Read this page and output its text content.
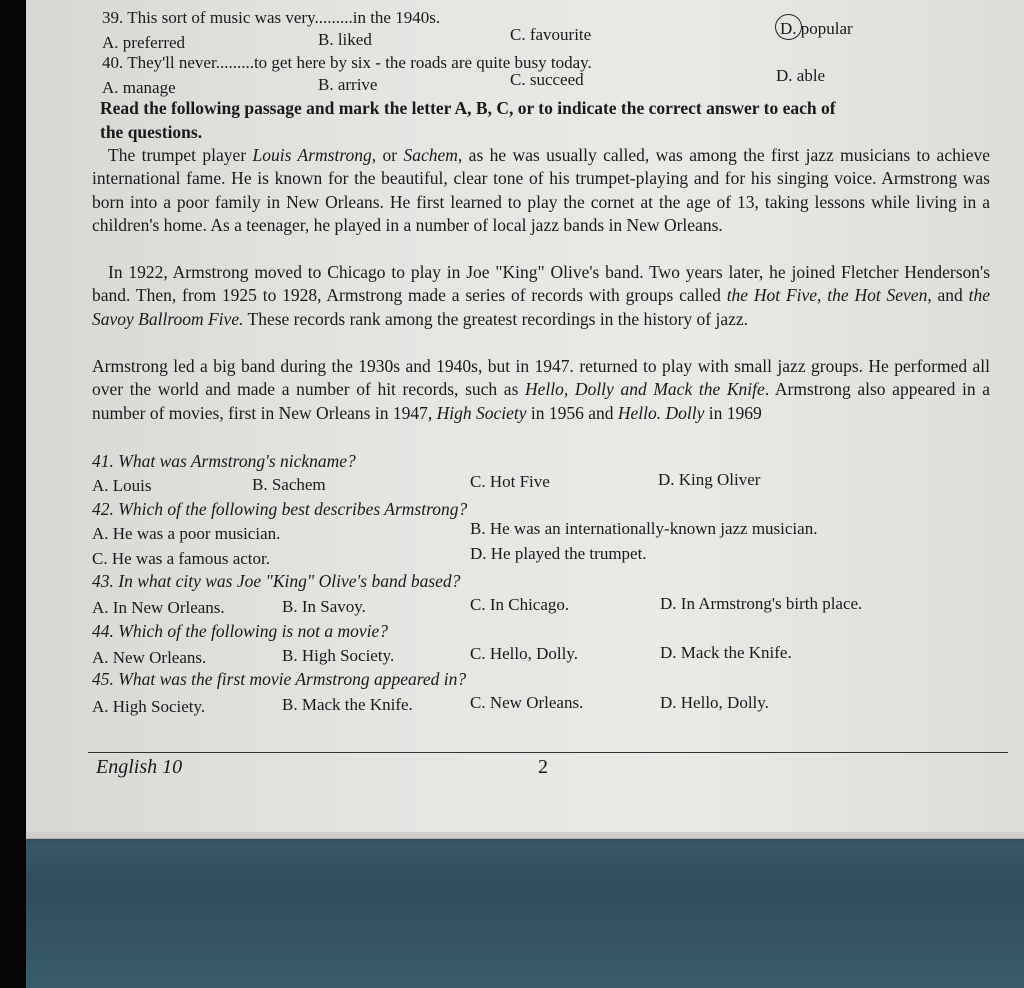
39. This sort of music was very.........in the 1940s.
A. preferred	B. liked	C. favourite	D. popular
40. They'll never.........to get here by six - the roads are quite busy today.
A. manage	B. arrive	C. succeed	D. able
Read the following passage and mark the letter A, B, C, or to indicate the correct answer to each of
the questions.
The trumpet player Louis Armstrong, or Sachem, as he was usually called, was among the first jazz musicians to achieve international fame. He is known for the beautiful, clear tone of his trumpet-playing and for his singing voice. Armstrong was born into a poor family in New Orleans. He first learned to play the cornet at the age of 13, taking lessons while living in a children's home. As a teenager, he played in a number of local jazz bands in New Orleans.
In 1922, Armstrong moved to Chicago to play in Joe "King" Olive's band. Two years later, he joined Fletcher Henderson's band. Then, from 1925 to 1928, Armstrong made a series of records with groups called the Hot Five, the Hot Seven, and the Savoy Ballroom Five. These records rank among the greatest recordings in the history of jazz.
Armstrong led a big band during the 1930s and 1940s, but in 1947. returned to play with small jazz groups. He performed all over the world and made a number of hit records, such as Hello, Dolly and Mack the Knife. Armstrong also appeared in a number of movies, first in New Orleans in 1947, High Society in 1956 and Hello. Dolly in 1969
41. What was Armstrong's nickname?
A. Louis	B. Sachem	C. Hot Five	D. King Oliver
42. Which of the following best describes Armstrong?
A. He was a poor musician.	B. He was an internationally-known jazz musician.
C. He was a famous actor.	D. He played the trumpet.
43. In what city was Joe "King" Olive's band based?
A. In New Orleans.	B. In Savoy.	C. In Chicago.	D. In Armstrong's birth place.
44. Which of the following is not a movie?
A. New Orleans.	B. High Society.	C. Hello, Dolly.	D. Mack the Knife.
45. What was the first movie Armstrong appeared in?
A. High Society.	B. Mack the Knife.	C. New Orleans.	D. Hello, Dolly.
English 10	2
